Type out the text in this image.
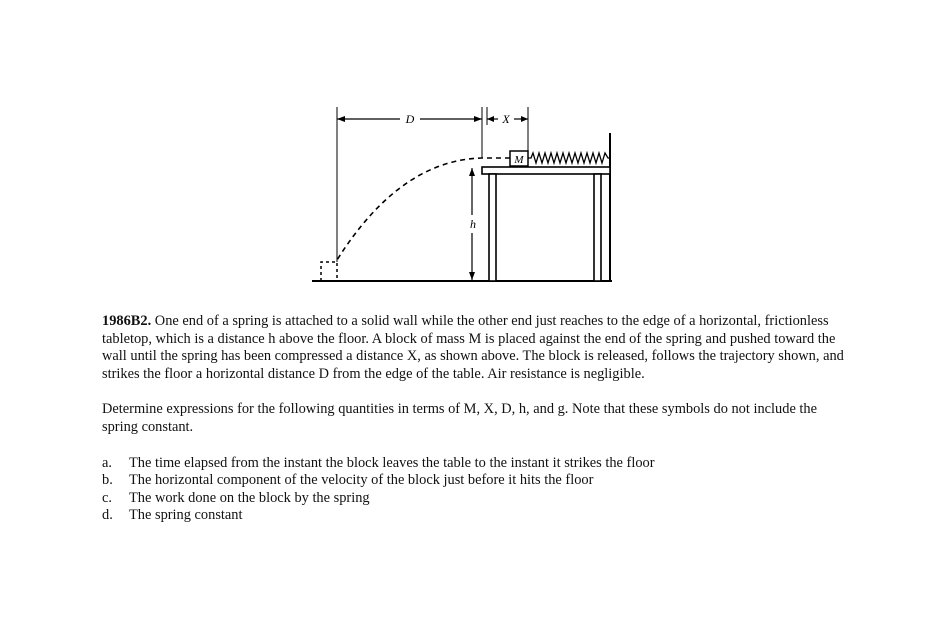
M
D	X
h

1986B2. One end of a spring is attached to a solid wall while the other end just reaches to the edge of a horizontal, frictionless tabletop, which is a distance h above the floor. A block of mass M is placed against the end of the spring and pushed toward the wall until the spring has been compressed a distance X, as shown above. The block is released, follows the trajectory shown, and strikes the floor a horizontal distance D from the edge of the table. Air resistance is negligible.

Determine expressions for the following quantities in terms of M, X, D, h, and g. Note that these symbols do not include the spring constant.

a.	The time elapsed from the instant the block leaves the table to the instant it strikes the floor
b.	The horizontal component of the velocity of the block just before it hits the floor
c.	The work done on the block by the spring
d.	The spring constant
